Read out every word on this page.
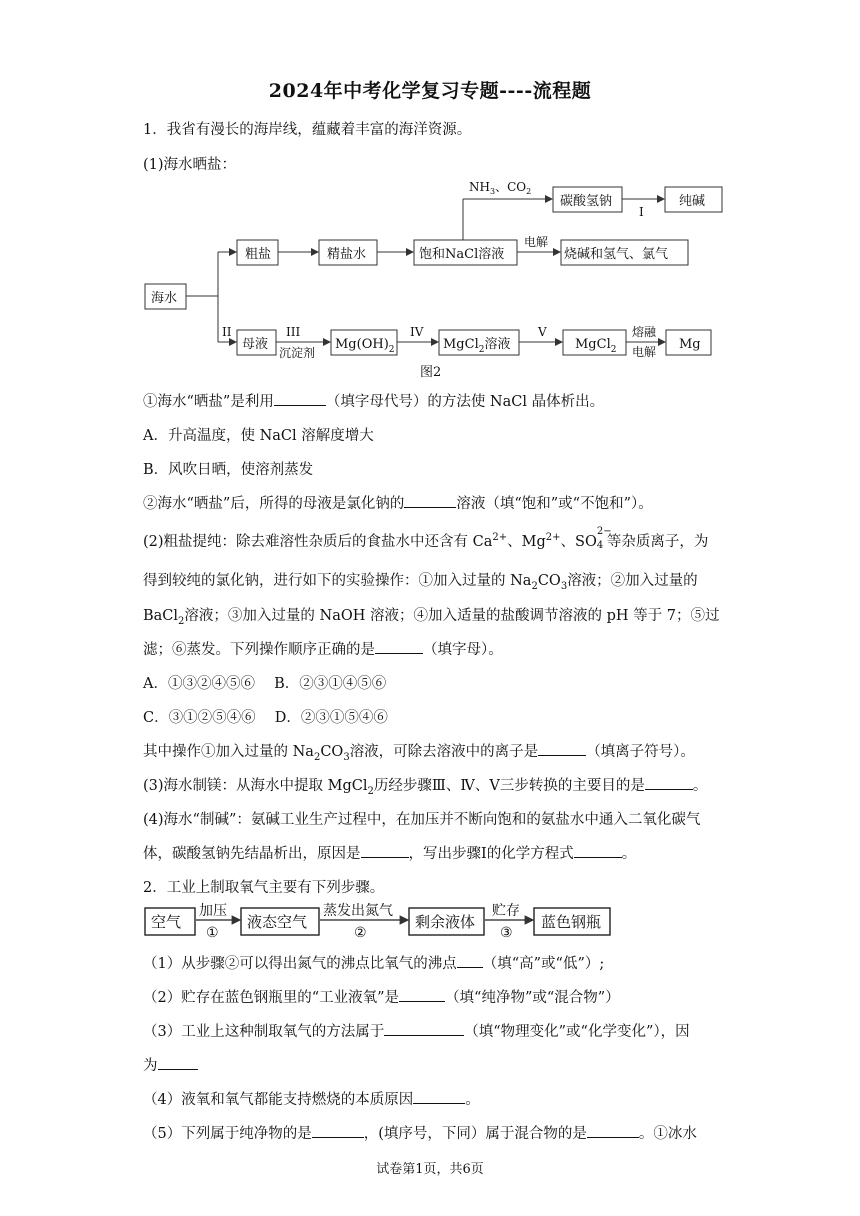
2024年中考化学复习专题----流程题
1．我省有漫长的海岸线，蕴藏着丰富的海洋资源。
(1)海水晒盐：
海水
粗盐	精盐水	饱和NaCl溶液
碳酸氢钠	纯碱
烧碱和氢气、氯气
母液	$Mg(OH)_2$	MgCl$_2$溶液	MgCl$_2$	Mg
$NH_3$、$CO_2$
电解
I
II	III
沉淀剂
IV	V	熔融
电解
图2
空气	液态空气	剩余液体	蓝色钢瓶
加压	蒸发出氮气	贮存
①	②	③
①海水“晒盐”是利用	（填字母代号）的方法使 NaCl 晶体析出。
A．升高温度，使 NaCl 溶解度增大
B．风吹日晒，使溶剂蒸发
②海水“晒盐”后，所得的母液是氯化钠的	溶液（填“饱和”或“不饱和”）。
(2)粗盐提纯：除去难溶性杂质后的食盐水中还含有 $Ca^{2+}$、$Mg^{2+}$、SO
2−
4 等杂质离子，为
得到较纯的氯化钠，进行如下的实验操作：①加入过量的 $Na_2CO_3$溶液；②加入过量的
BaCl$_2$溶液；③加入过量的 NaOH 溶液；④加入适量的盐酸调节溶液的 pH 等于 7；⑤过
滤；⑥蒸发。下列操作顺序正确的是	（填字母）。
A．①③②④⑤⑥　 B．②③①④⑤⑥
C．③①②⑤④⑥　 D．②③①⑤④⑥
其中操作①加入过量的 $Na_2CO_3$溶液，可除去溶液中的离子是	（填离子符号）。
(3)海水制镁：从海水中提取 MgCl$_2$历经步骤Ⅲ、Ⅳ、Ⅴ三步转换的主要目的是	。
(4)海水“制碱”：氨碱工业生产过程中，在加压并不断向饱和的氨盐水中通入二氧化碳气
体，碳酸氢钠先结晶析出，原因是	，写出步骤Ⅰ的化学方程式	。
2．工业上制取氧气主要有下列步骤。
（1）从步骤②可以得出氮气的沸点比氧气的沸点 （填“高”或“低”）;
（2）贮存在蓝色钢瓶里的“工业液氧”是	（填“纯净物”或“混合物”）
（3）工业上这种制取氧气的方法属于	（填“物理变化”或“化学变化”），因
为
（4）液氧和氧气都能支持燃烧的本质原因	。
（5）下列属于纯净物的是	，(填序号，下同）属于混合物的是	。①冰水
试卷第1页，共6页
